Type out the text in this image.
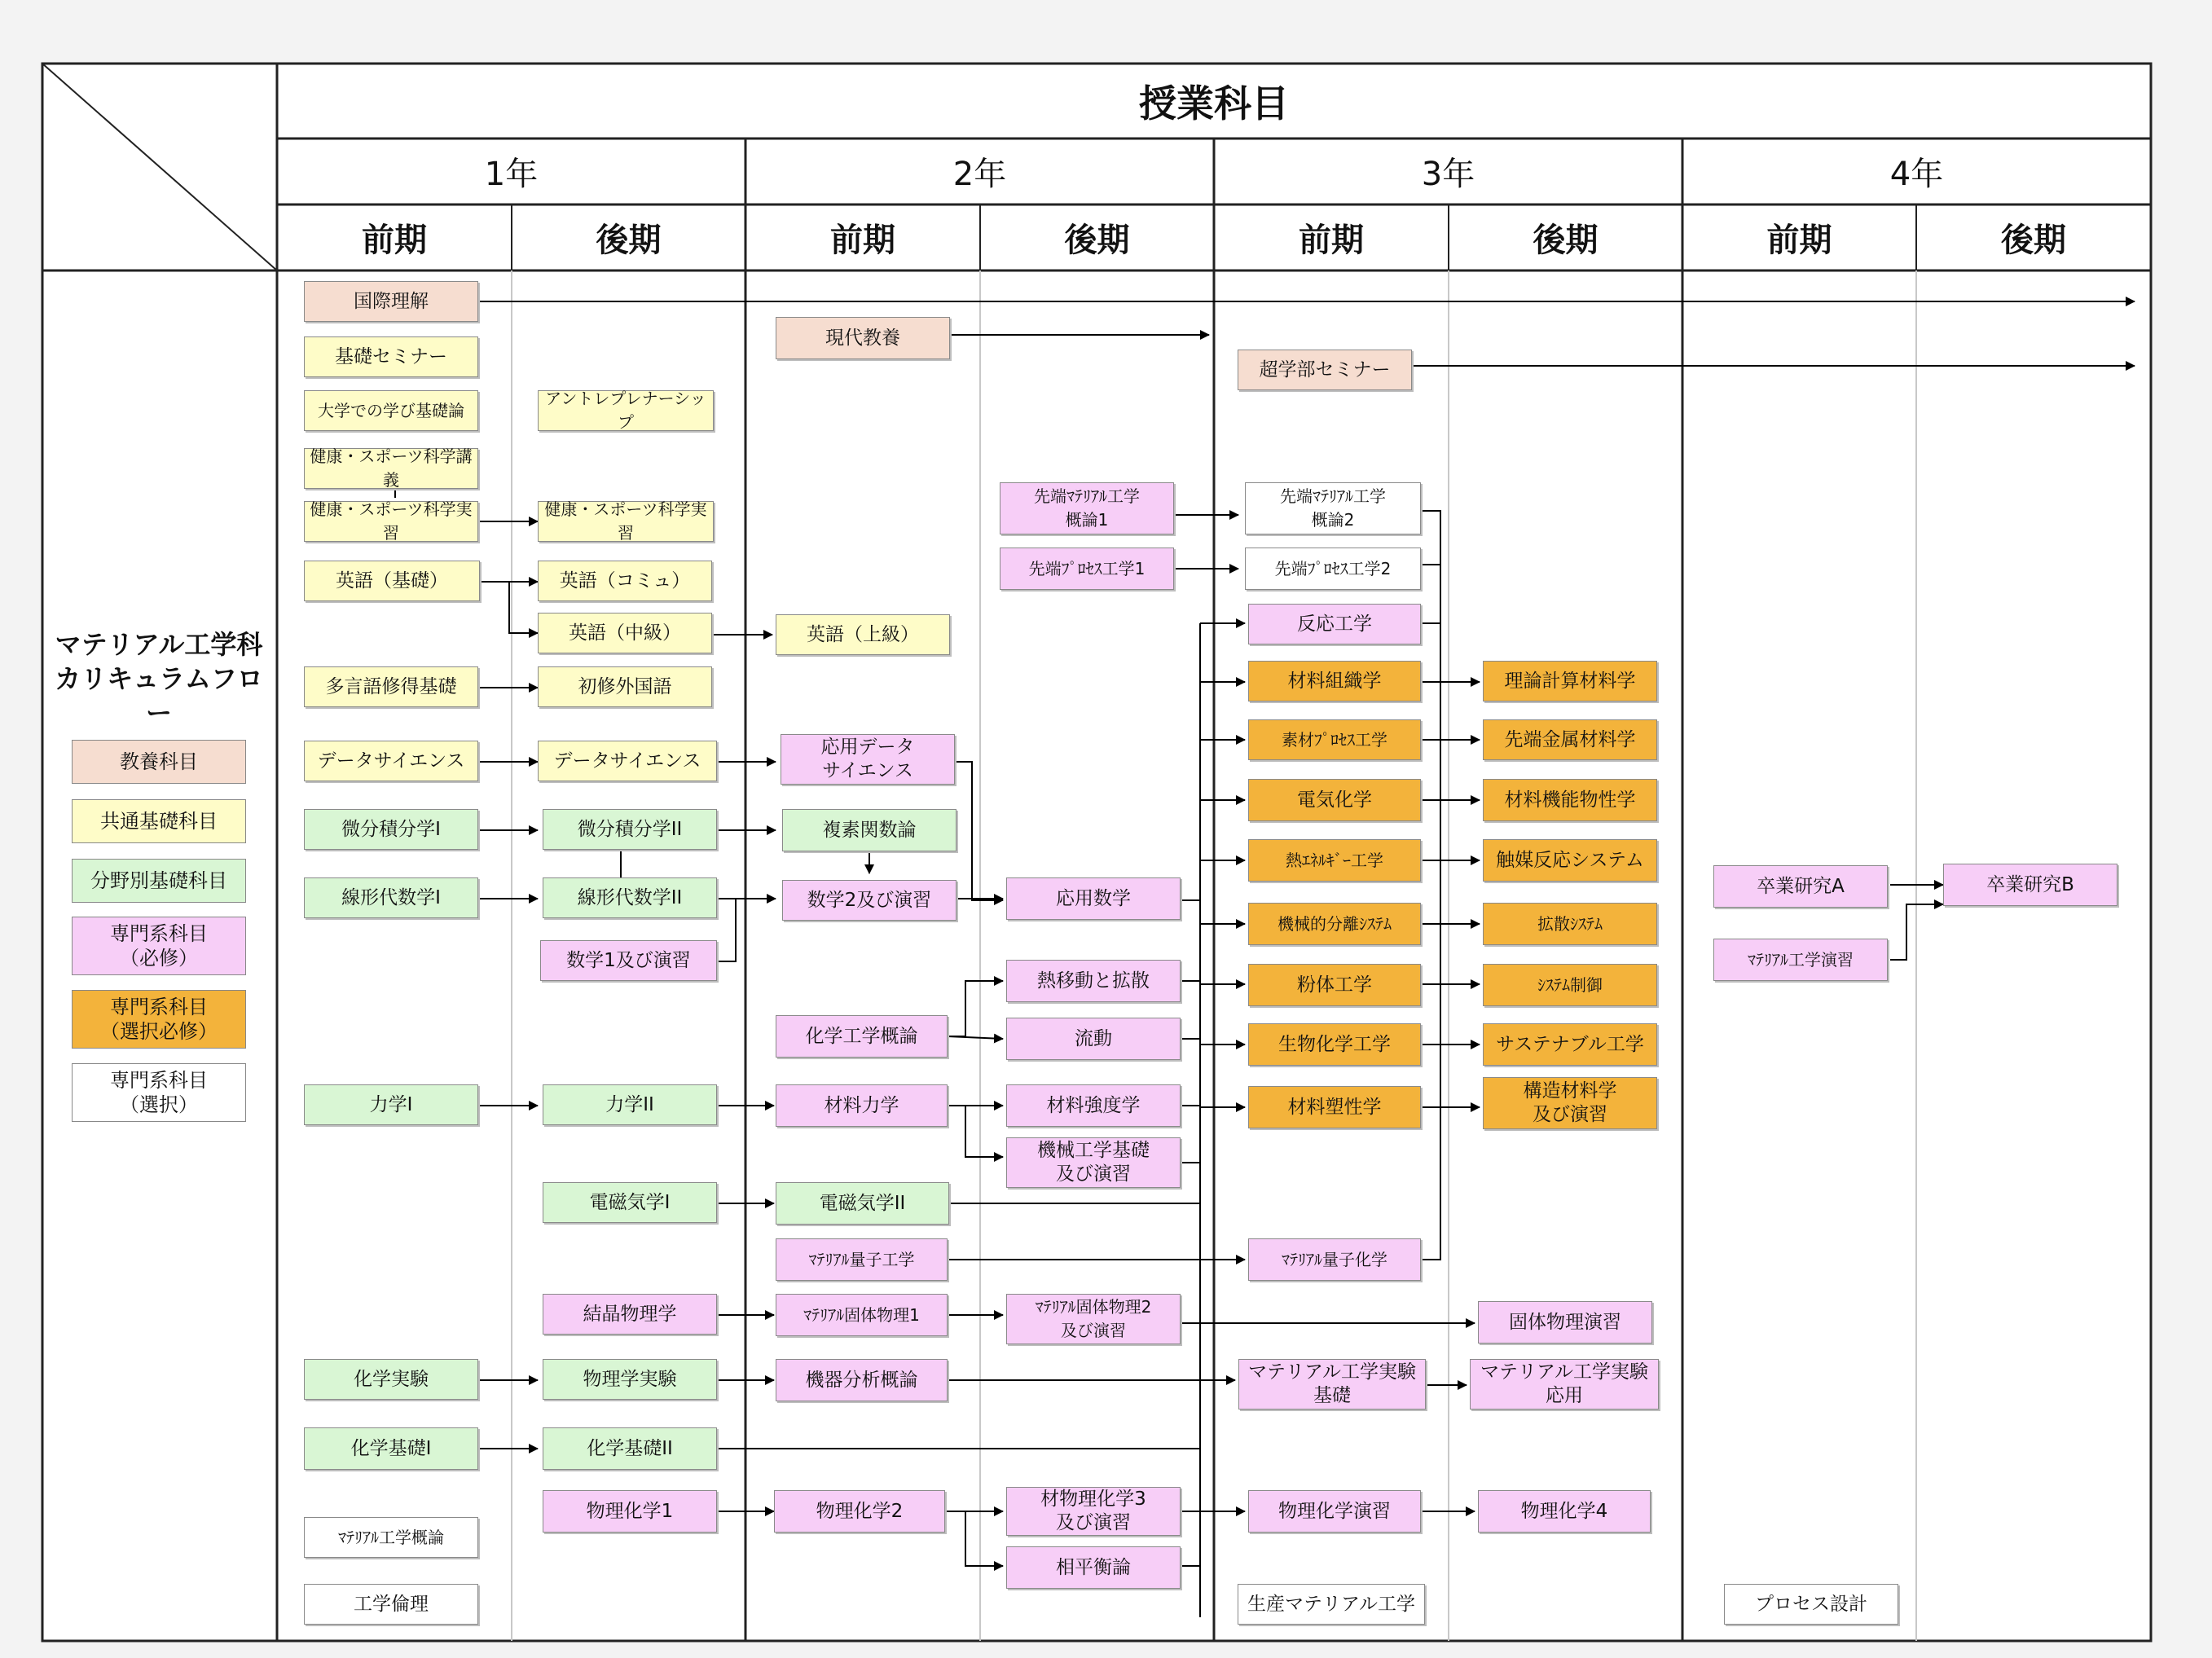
授業科目
1年	2年	3年	4年
前期	後期	前期	後期	前期	後期	前期	後期
マテリアル工学科
カリキュラムフロー
教養科目
共通基礎科目
分野別基礎科目
専門系科目
（必修）
専門系科目
（選択必修）
専門系科目
（選択）
国際理解
基礎セミナー
大学での学び基礎論
健康・スポーツ科学講義
健康・スポーツ科学実習
英語（基礎）
多言語修得基礎
データサイエンス
微分積分学I
線形代数学I
力学I
化学実験
化学基礎I
ﾏﾃﾘｱﾙ工学概論
工学倫理
アントレプレナーシップ
健康・スポーツ科学実習
英語（コミュ）
英語（中級）
初修外国語
データサイエンス
微分積分学II
線形代数学II
数学1及び演習
力学II
電磁気学I
結晶物理学
物理学実験
化学基礎II
物理化学1
現代教養
英語（上級）
応用データ
サイエンス
複素関数論
数学2及び演習
化学工学概論
材料力学
電磁気学II
ﾏﾃﾘｱﾙ量子工学
ﾏﾃﾘｱﾙ固体物理1
機器分析概論
物理化学2
先端ﾏﾃﾘｱﾙ工学
概論1
先端ﾌﾟﾛｾｽ工学1
応用数学
熱移動と拡散
流動
材料強度学
機械工学基礎
及び演習
ﾏﾃﾘｱﾙ固体物理2
及び演習
材物理化学3
及び演習
相平衡論
超学部セミナー
先端ﾏﾃﾘｱﾙ工学
概論2
先端ﾌﾟﾛｾｽ工学2
反応工学
材料組織学
素材ﾌﾟﾛｾｽ工学
電気化学
熱ｴﾈﾙｷﾞｰ工学
機械的分離ｼｽﾃﾑ
粉体工学
生物化学工学
材料塑性学
ﾏﾃﾘｱﾙ量子化学
マテリアル工学実験
基礎
物理化学演習
生産マテリアル工学
理論計算材料学
先端金属材料学
材料機能物性学
触媒反応システム
拡散ｼｽﾃﾑ
ｼｽﾃﾑ制御
サステナブル工学
構造材料学
及び演習
固体物理演習
マテリアル工学実験
応用
物理化学4
卒業研究A
ﾏﾃﾘｱﾙ工学演習
プロセス設計
卒業研究B
